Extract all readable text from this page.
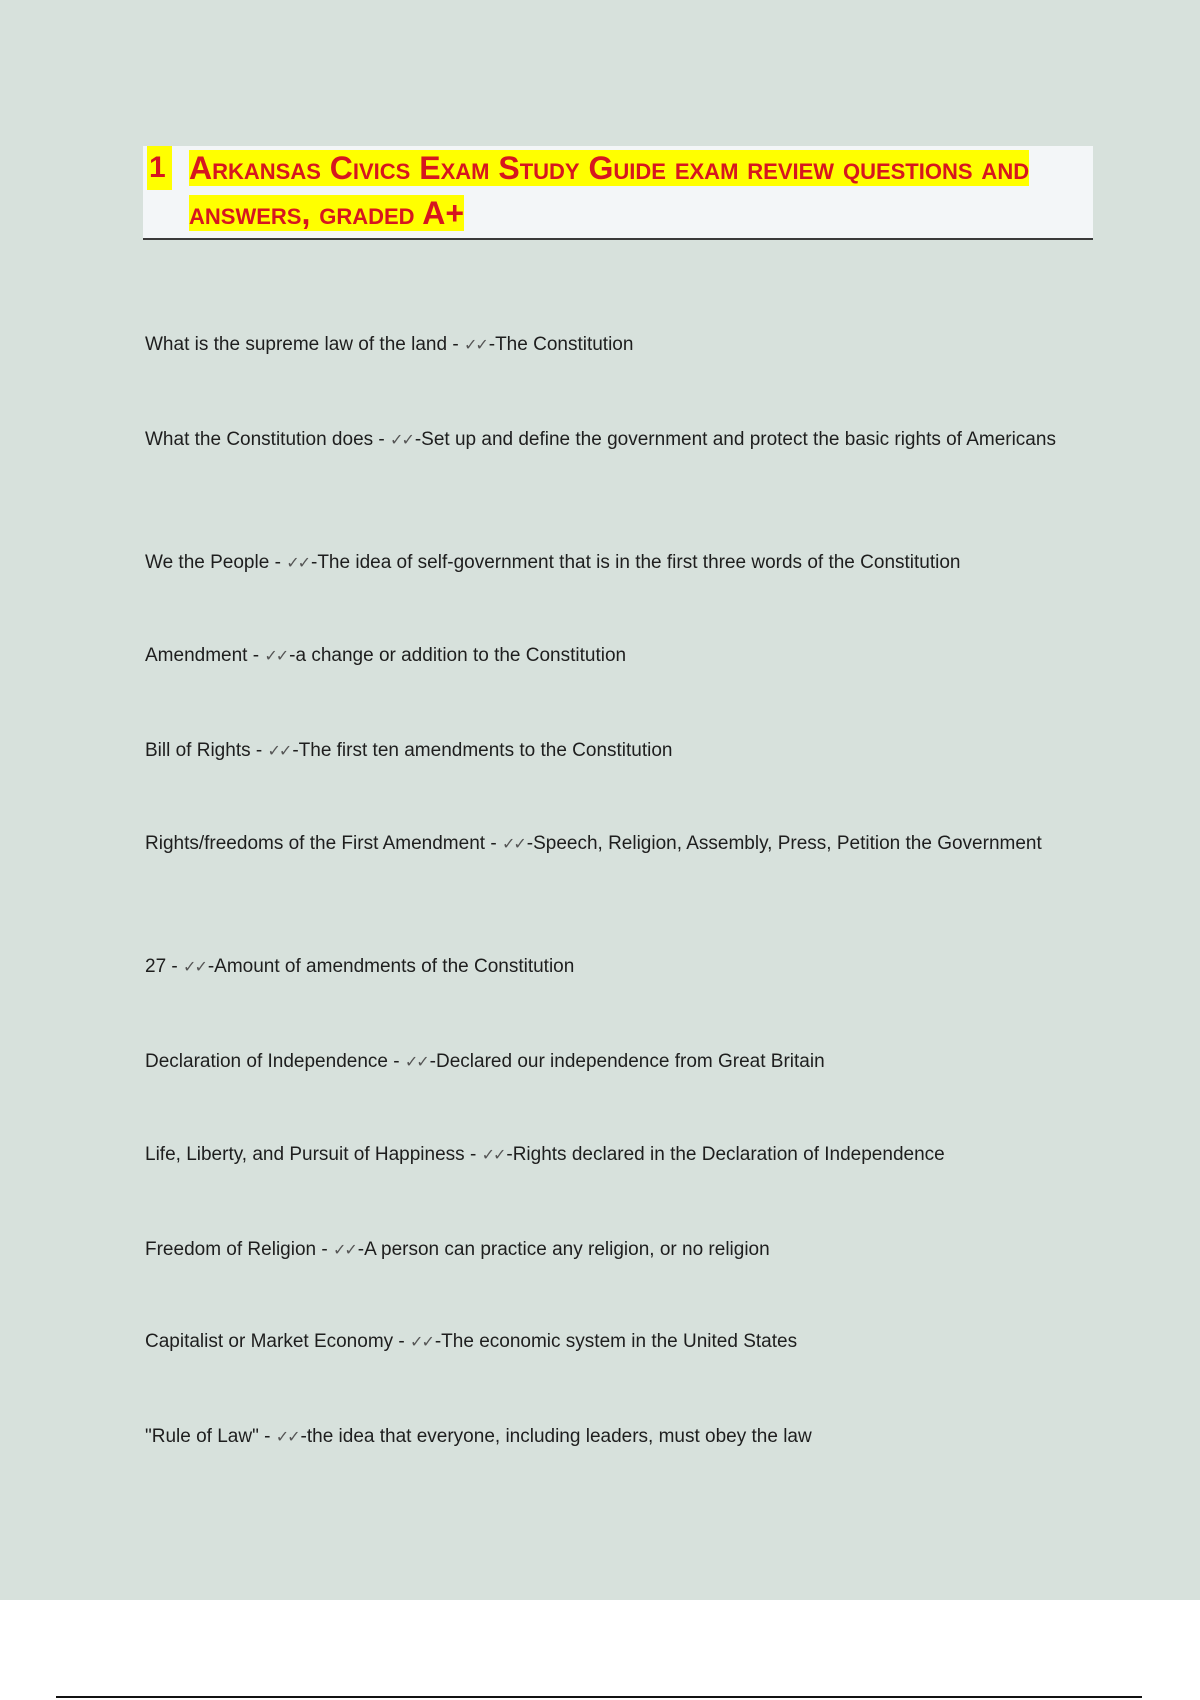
1 Arkansas Civics Exam Study Guide exam review questions and answers, graded A+
What is the supreme law of the land - ✓✓ -The Constitution
What the Constitution does - ✓✓ -Set up and define the government and protect the basic rights of Americans
We the People - ✓✓ -The idea of self-government that is in the first three words of the Constitution
Amendment - ✓✓ -a change or addition to the Constitution
Bill of Rights - ✓✓ -The first ten amendments to the Constitution
Rights/freedoms of the First Amendment - ✓✓ -Speech, Religion, Assembly, Press, Petition the Government
27 - ✓✓ -Amount of amendments of the Constitution
Declaration of Independence - ✓✓ -Declared our independence from Great Britain
Life, Liberty, and Pursuit of Happiness - ✓✓ -Rights declared in the Declaration of Independence
Freedom of Religion - ✓✓ -A person can practice any religion, or no religion
Capitalist or Market Economy - ✓✓ -The economic system in the United States
"Rule of Law" - ✓✓ -the idea that everyone, including leaders, must obey the law
